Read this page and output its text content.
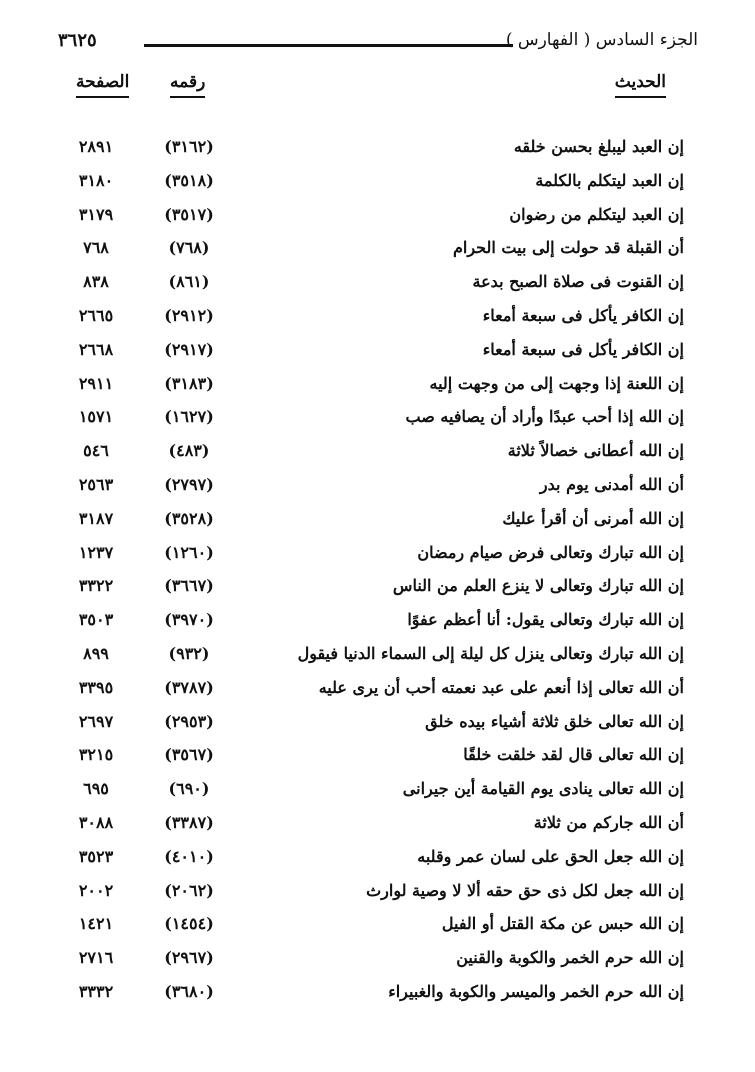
الجزء السادس ( الفهارس )
٣٦٢٥
الحديث
رقمه
الصفحة
إن العبد ليبلغ بحسن خلقه
(٣١٦٢)
٢٨٩١
إن العبد ليتكلم بالكلمة
(٣٥١٨)
٣١٨٠
إن العبد ليتكلم من رضوان
(٣٥١٧)
٣١٧٩
أن القبلة قد حولت إلى بيت الحرام
(٧٦٨)
٧٦٨
إن القنوت فى صلاة الصبح بدعة
(٨٦١)
٨٣٨
إن الكافر يأكل فى سبعة أمعاء
(٢٩١٢)
٢٦٦٥
إن الكافر يأكل فى سبعة أمعاء
(٢٩١٧)
٢٦٦٨
إن اللعنة إذا وجهت إلى من وجهت إليه
(٣١٨٣)
٢٩١١
إن الله إذا أحب عبدًا وأراد أن يصافيه صب
(١٦٢٧)
١٥٧١
إن الله أعطانى خصالاً ثلاثة
(٤٨٣)
٥٤٦
أن الله أمدنى يوم بدر
(٢٧٩٧)
٢٥٦٣
إن الله أمرنى أن أقرأ عليك
(٣٥٢٨)
٣١٨٧
إن الله تبارك وتعالى فرض صيام رمضان
(١٢٦٠)
١٢٣٧
إن الله تبارك وتعالى لا ينزع العلم من الناس
(٣٦٦٧)
٣٣٢٢
إن الله تبارك وتعالى يقول: أنا أعظم عفوًا
(٣٩٧٠)
٣٥٠٣
إن الله تبارك وتعالى ينزل كل ليلة إلى السماء الدنيا فيقول
(٩٣٢)
٨٩٩
أن الله تعالى إذا أنعم على عبد نعمته أحب أن يرى عليه
(٣٧٨٧)
٣٣٩٥
إن الله تعالى خلق ثلاثة أشياء بيده خلق
(٢٩٥٣)
٢٦٩٧
إن الله تعالى قال لقد خلقت خلقًا
(٣٥٦٧)
٣٢١٥
إن الله تعالى ينادى يوم القيامة أين جيرانى
(٦٩٠)
٦٩٥
أن الله جاركم من ثلاثة
(٣٣٨٧)
٣٠٨٨
إن الله جعل الحق على لسان عمر وقلبه
(٤٠١٠)
٣٥٢٣
إن الله جعل لكل ذى حق حقه ألا لا وصية لوارث
(٢٠٦٢)
٢٠٠٢
إن الله حبس عن مكة القتل أو الفيل
(١٤٥٤)
١٤٢١
إن الله حرم الخمر والكوبة والقنين
(٢٩٦٧)
٢٧١٦
إن الله حرم الخمر والميسر والكوبة والغبيراء
(٣٦٨٠)
٣٣٣٢
